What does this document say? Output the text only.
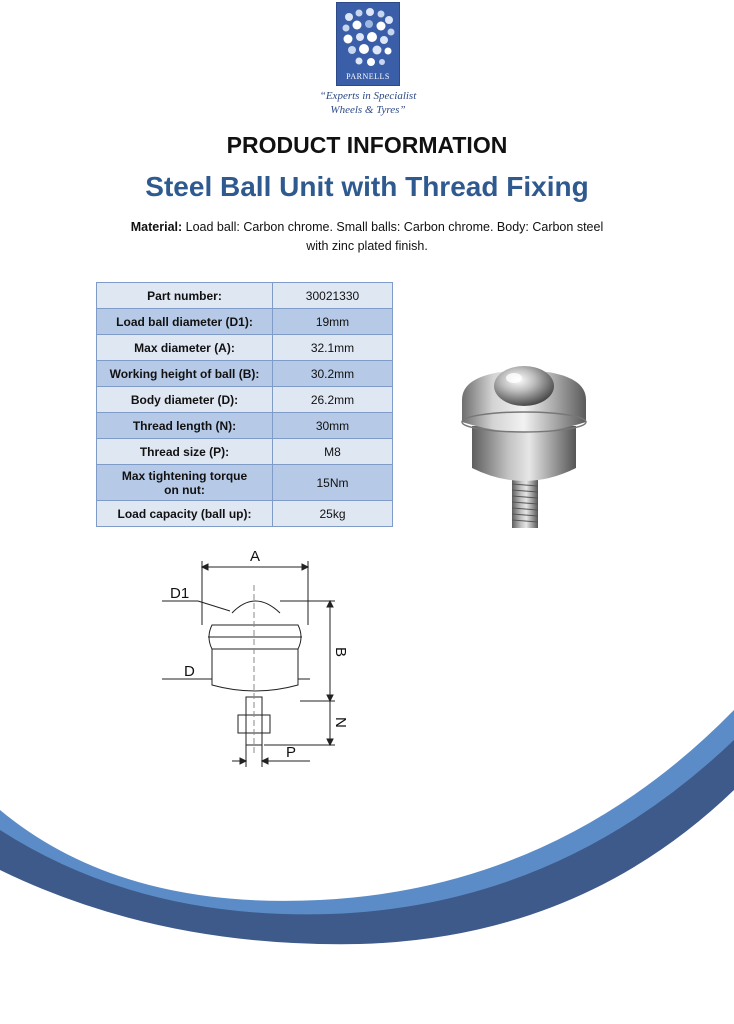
PARNELLS
“Experts in Specialist
Wheels & Tyres”
PRODUCT INFORMATION
Steel Ball Unit with Thread Fixing
Material: Load ball: Carbon chrome. Small balls: Carbon chrome. Body: Carbon steel
with zinc plated finish.
Part number:	30021330
Load ball diameter (D1):	19mm
Max diameter (A):	32.1mm
Working height of ball (B):	30.2mm
Body diameter (D):	26.2mm
Thread length (N):	30mm
Thread size (P):	M8
Max tightening torque
on nut:	15Nm
Load capacity (ball up):	25kg
A
D1
D
P
B
N
